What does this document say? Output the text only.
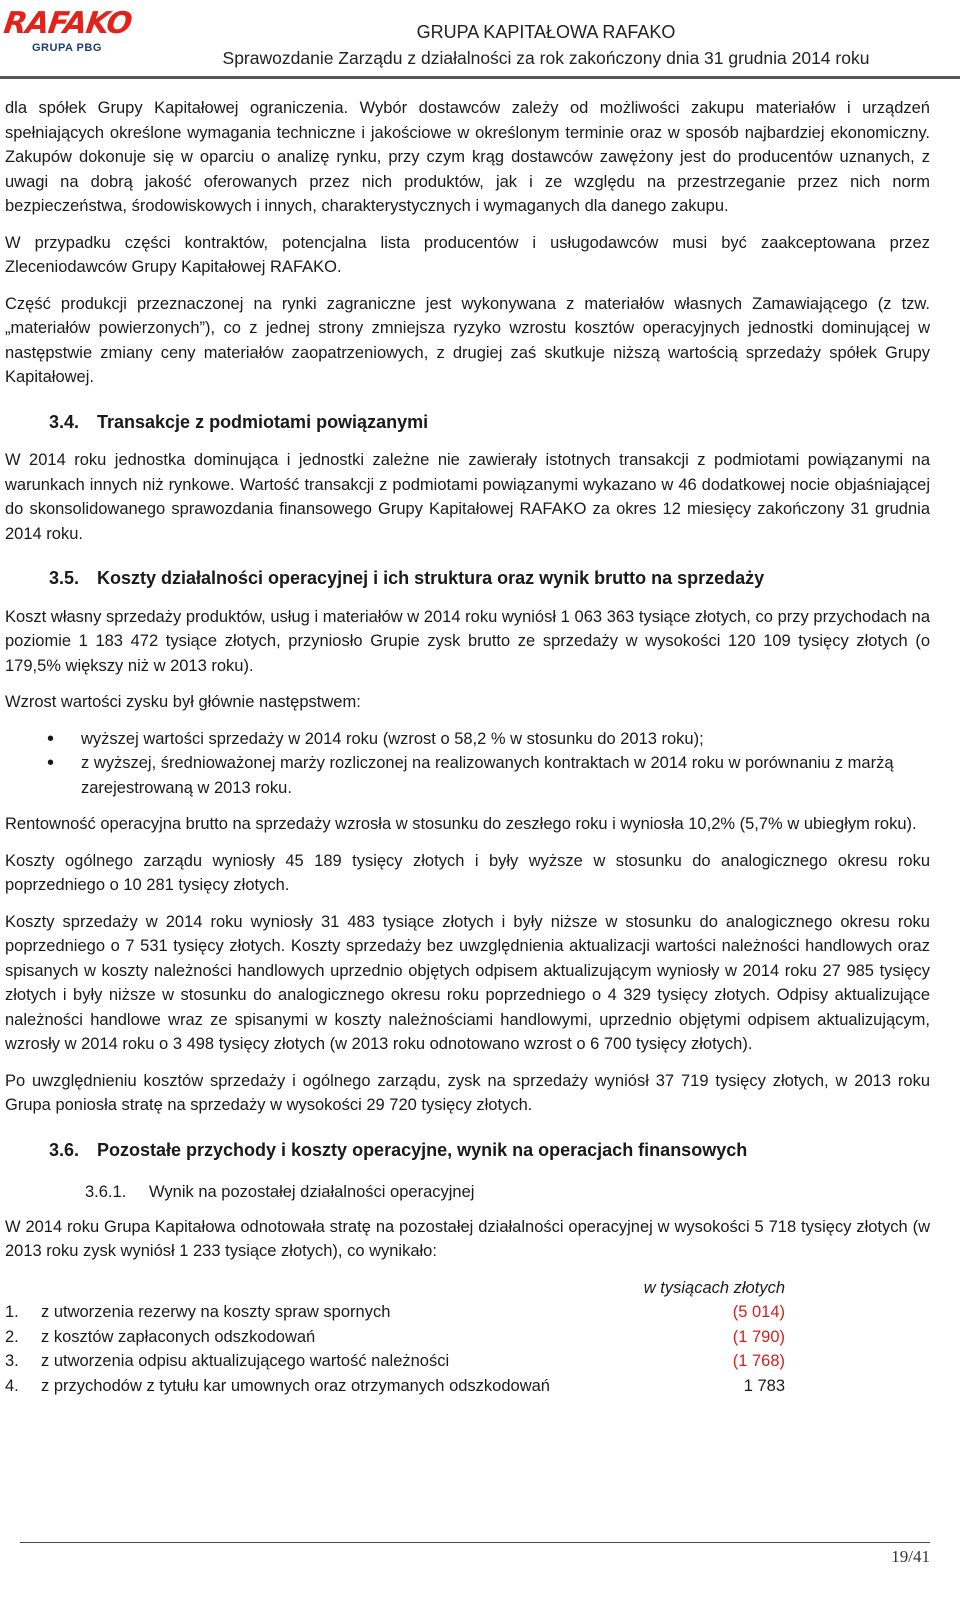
RAFAKO
GRUPA PBG
GRUPA KAPITAŁOWA RAFAKO
Sprawozdanie Zarządu z działalności za rok zakończony dnia 31 grudnia 2014 roku

dla spółek Grupy Kapitałowej ograniczenia. Wybór dostawców zależy od możliwości zakupu materiałów i urządzeń spełniających określone wymagania techniczne i jakościowe w określonym terminie oraz w sposób najbardziej ekonomiczny. Zakupów dokonuje się w oparciu o analizę rynku, przy czym krąg dostawców zawężony jest do producentów uznanych, z uwagi na dobrą jakość oferowanych przez nich produktów, jak i ze względu na przestrzeganie przez nich norm bezpieczeństwa, środowiskowych i innych, charakterystycznych i wymaganych dla danego zakupu.

W przypadku części kontraktów, potencjalna lista producentów i usługodawców musi być zaakceptowana przez Zleceniodawców Grupy Kapitałowej RAFAKO.

Część produkcji przeznaczonej na rynki zagraniczne jest wykonywana z materiałów własnych Zamawiającego (z tzw. „materiałów powierzonych”), co z jednej strony zmniejsza ryzyko wzrostu kosztów operacyjnych jednostki dominującej w następstwie zmiany ceny materiałów zaopatrzeniowych, z drugiej zaś skutkuje niższą wartością sprzedaży spółek Grupy Kapitałowej.

3.4. Transakcje z podmiotami powiązanymi

W 2014 roku jednostka dominująca i jednostki zależne nie zawierały istotnych transakcji z podmiotami powiązanymi na warunkach innych niż rynkowe. Wartość transakcji z podmiotami powiązanymi wykazano w 46 dodatkowej nocie objaśniającej do skonsolidowanego sprawozdania finansowego Grupy Kapitałowej RAFAKO za okres 12 miesięcy zakończony 31 grudnia 2014 roku.

3.5. Koszty działalności operacyjnej i ich struktura oraz wynik brutto na sprzedaży

Koszt własny sprzedaży produktów, usług i materiałów w 2014 roku wyniósł 1 063 363 tysiące złotych, co przy przychodach na poziomie 1 183 472 tysiące złotych, przyniosło Grupie zysk brutto ze sprzedaży w wysokości 120 109 tysięcy złotych (o 179,5% większy niż w 2013 roku).

Wzrost wartości zysku był głównie następstwem:

• wyższej wartości sprzedaży w 2014 roku (wzrost o 58,2 % w stosunku do 2013 roku);
• z wyższej, średnioważonej marży rozliczonej na realizowanych kontraktach w 2014 roku w porównaniu z marżą zarejestrowaną w 2013 roku.

Rentowność operacyjna brutto na sprzedaży wzrosła w stosunku do zeszłego roku i wyniosła 10,2% (5,7% w ubiegłym roku).

Koszty ogólnego zarządu wyniosły 45 189 tysięcy złotych i były wyższe w stosunku do analogicznego okresu roku poprzedniego o 10 281 tysięcy złotych.

Koszty sprzedaży w 2014 roku wyniosły 31 483 tysiące złotych i były niższe w stosunku do analogicznego okresu roku poprzedniego o 7 531 tysięcy złotych. Koszty sprzedaży bez uwzględnienia aktualizacji wartości należności handlowych oraz spisanych w koszty należności handlowych uprzednio objętych odpisem aktualizującym wyniosły w 2014 roku 27 985 tysięcy złotych i były niższe w stosunku do analogicznego okresu roku poprzedniego o 4 329 tysięcy złotych. Odpisy aktualizujące należności handlowe wraz ze spisanymi w koszty należnościami handlowymi, uprzednio objętymi odpisem aktualizującym, wzrosły w 2014 roku o 3 498 tysięcy złotych (w 2013 roku odnotowano wzrost o 6 700 tysięcy złotych).

Po uwzględnieniu kosztów sprzedaży i ogólnego zarządu, zysk na sprzedaży wyniósł 37 719 tysięcy złotych, w 2013 roku Grupa poniosła stratę na sprzedaży w wysokości 29 720 tysięcy złotych.

3.6. Pozostałe przychody i koszty operacyjne, wynik na operacjach finansowych
3.6.1.	Wynik na pozostałej działalności operacyjnej

W 2014 roku Grupa Kapitałowa odnotowała stratę na pozostałej działalności operacyjnej w wysokości 5 718 tysięcy złotych (w 2013 roku zysk wyniósł 1 233 tysiące złotych), co wynikało:

w tysiącach złotych
1.	z utworzenia rezerwy na koszty spraw spornych	(5 014)
2.	z kosztów zapłaconych odszkodowań	(1 790)
3.	z utworzenia odpisu aktualizującego wartość należności	(1 768)
4.	z przychodów z tytułu kar umownych oraz otrzymanych odszkodowań	1 783
19/41
